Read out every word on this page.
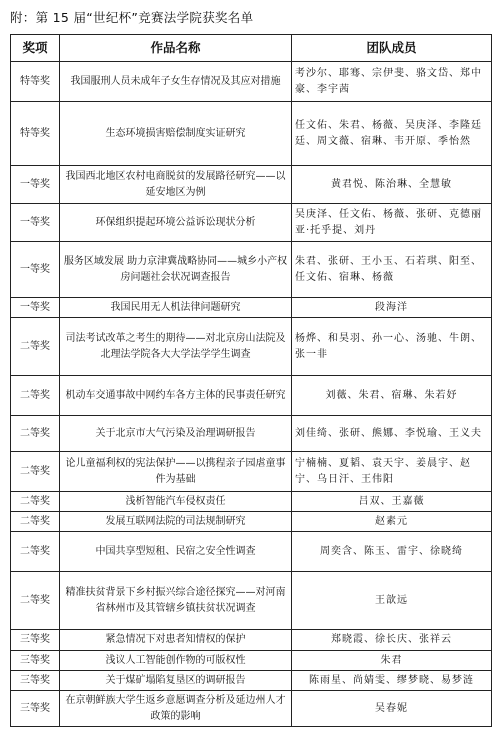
附：第 15 届“世纪杯”竞赛法学院获奖名单
奖项	作品名称	团队成员
特等奖	我国服刑人员未成年子女生存情况及其应对措施	考沙尔、耶骞、宗伊斐、骆文岱、郑中豪、李宇茜
特等奖	生态环境损害赔偿制度实证研究	任文佑、朱君、杨薇、吴庚泽、李隆廷廷、周文薇、宿琳、韦开原、季怡然
一等奖	我国西北地区农村电商脱贫的发展路径研究——以延安地区为例	黄君悦、陈治琳、全慧敏
一等奖	环保组织提起环境公益诉讼现状分析	吴庚泽、任文佑、杨薇、张研、克德丽亚·托乎提、刘丹
一等奖	服务区域发展 助力京津冀战略协同——城乡小产权房问题社会状况调查报告	朱君、张研、王小玉、石若琪、阳至、任文佑、宿琳、杨薇
一等奖	我国民用无人机法律问题研究	段海洋
二等奖	司法考试改革之考生的期待——对北京房山法院及北理法学院各大大学法学学生调查	杨烨、和昊羽、孙一心、汤驰、牛朗、张一非
二等奖	机动车交通事故中网约车各方主体的民事责任研究	刘薇、朱君、宿琳、朱若妤
二等奖	关于北京市大气污染及治理调研报告	刘佳绮、张研、熊娜、李悦瑜、王义夫
二等奖	论儿童福利权的宪法保护——以携程亲子园虐童事件为基础	宁楠楠、夏韬、袁天宇、姜晨宇、赵宁、乌日汗、王伟阳
二等奖	浅析智能汽车侵权责任	吕双、王嘉薇
二等奖	发展互联网法院的司法规制研究	赵素元
二等奖	中国共享型短租、民宿之安全性调查	周奕含、陈玉、雷宇、徐晓绮
二等奖	精准扶贫背景下乡村振兴综合途径探究——对河南省林州市及其管辖乡镇扶贫状况调查	王歆远
三等奖	紧急情况下对患者知情权的保护	郑晓霞、徐长庆、张祥云
三等奖	浅议人工智能创作物的可版权性	朱君
三等奖	关于煤矿塌陷复垦区的调研报告	陈雨星、尚婧雯、缪梦晓、易梦涟
三等奖	在京朝鲜族大学生返乡意愿调查分析及延边州人才政策的影响	吴春妮
